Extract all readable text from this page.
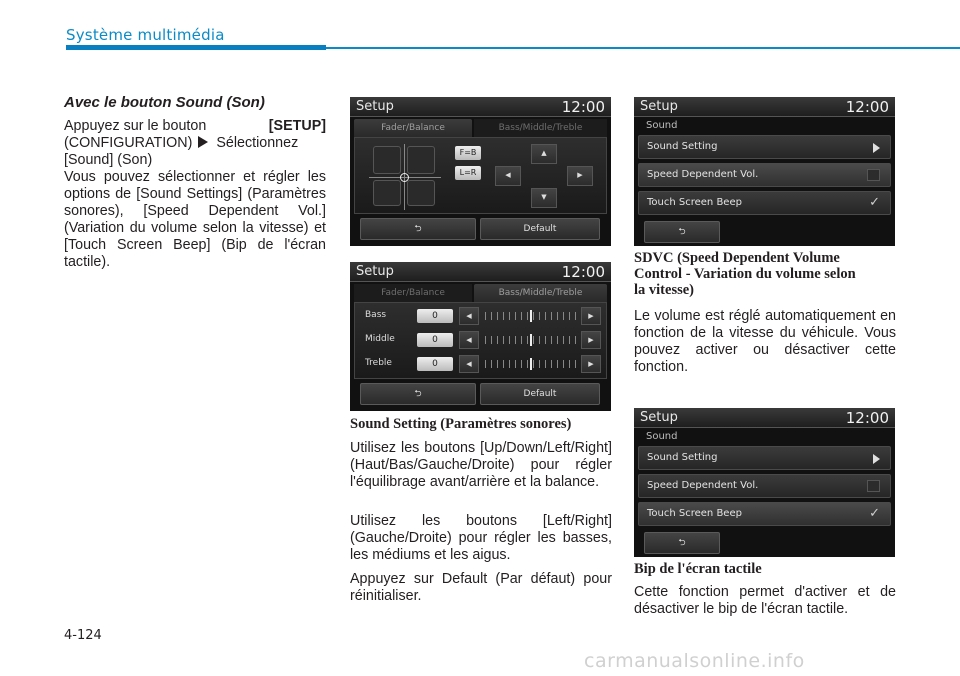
Système multimédia
Avec le bouton Sound (Son)
Appuyez sur le bouton	[SETUP]
(CONFIGURATION)  Sélectionnez
[Sound] (Son)
Vous pouvez sélectionner et régler les options de [Sound Settings] (Paramètres sonores), [Speed Dependent Vol.] (Variation du volume selon la vitesse) et [Touch Screen Beep] (Bip de l'écran tactile).
Setup	12:00
Fader/Balance	Bass/Middle/Treble
F=B
L=R
▲
◀	▶
▼
⮌	Default
Setup	12:00
Fader/Balance	Bass/Middle/Treble
Bass	0	◀	▶
Middle	0	◀	▶
Treble	0	◀	▶
⮌	Default
Sound Setting (Paramètres sonores)
Utilisez les boutons [Up/Down/Left/Right] (Haut/Bas/Gauche/Droite) pour régler l'équilibrage avant/arrière et la balance.
Utilisez les boutons [Left/Right] (Gauche/Droite) pour régler les basses, les médiums et les aigus.
Appuyez sur Default (Par défaut) pour réinitialiser.
Setup	12:00
Sound
Sound Setting
Speed Dependent Vol.
Touch Screen Beep	✓
⮌
SDVC (Speed Dependent Volume
Control - Variation du volume selon
la vitesse)
Le volume est réglé automatiquement en fonction de la vitesse du véhicule. Vous pouvez activer ou désactiver cette fonction.
Setup	12:00
Sound
Sound Setting
Speed Dependent Vol.
Touch Screen Beep	✓
⮌
Bip de l'écran tactile
Cette fonction permet d'activer et de désactiver le bip de l'écran tactile.
4-124
carmanualsonline.info
